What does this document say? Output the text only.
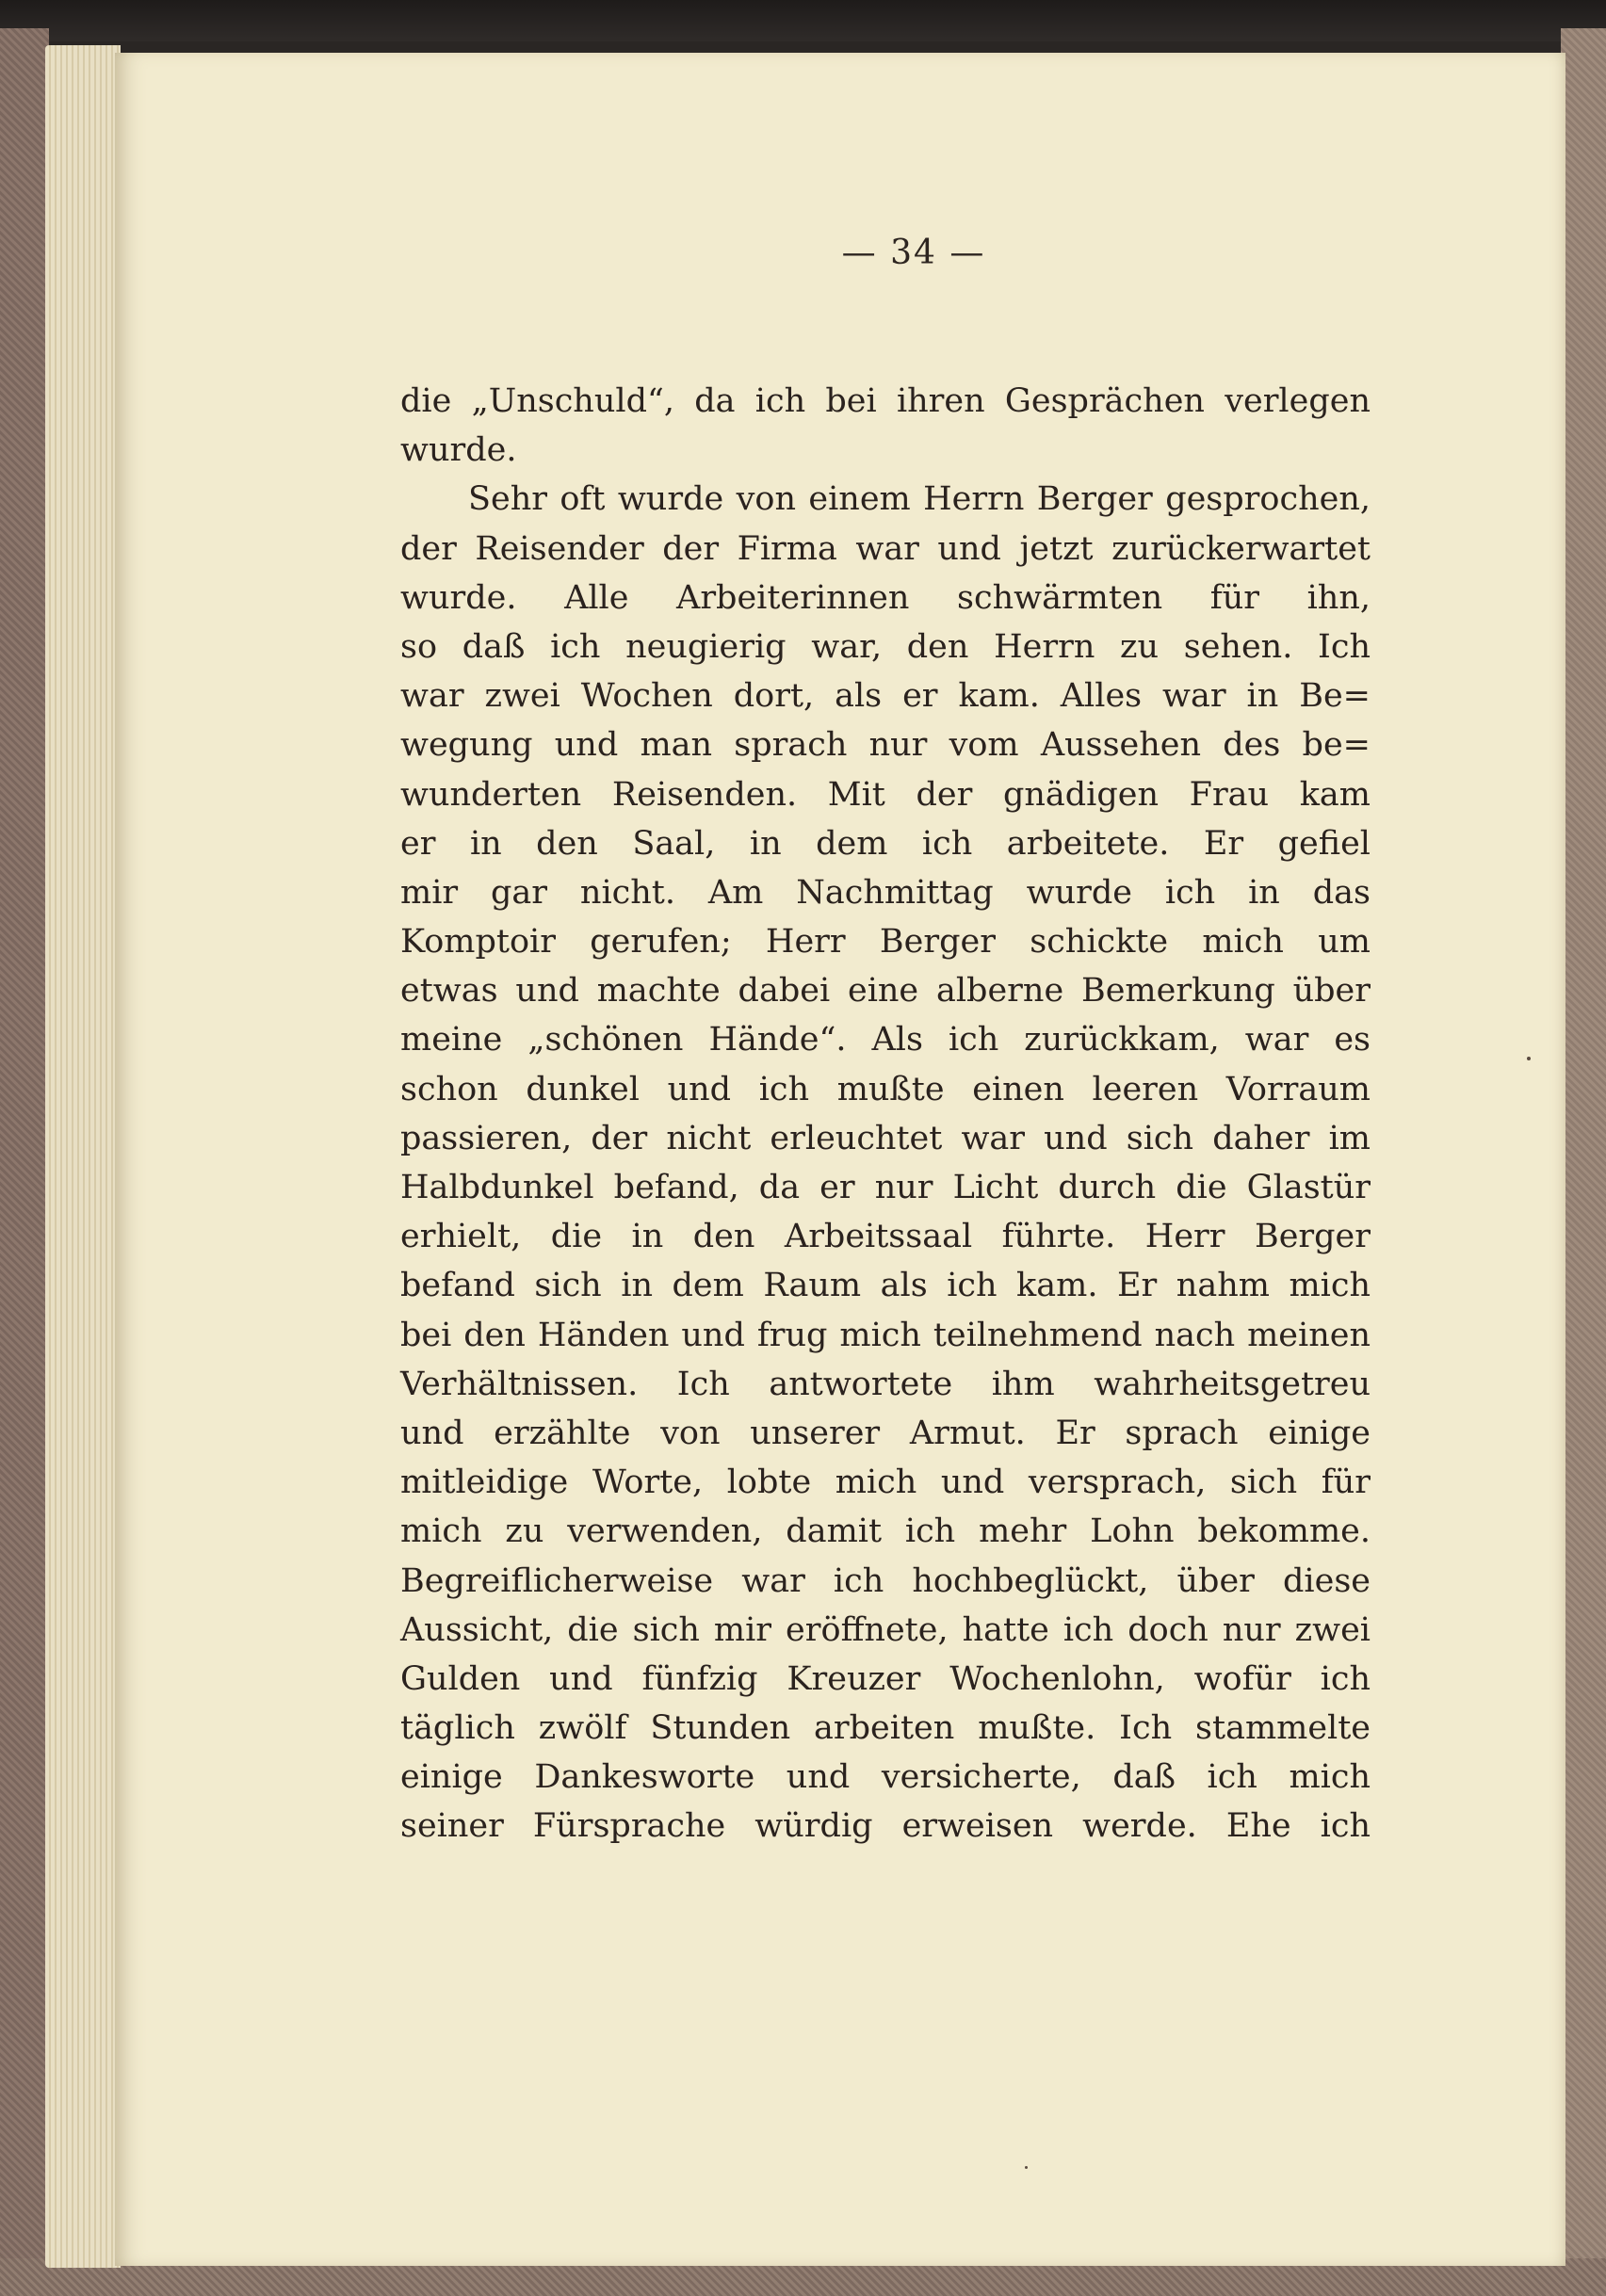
— 34 —

die „Unschuld“, da ich bei ihren Gesprächen verlegen
wurde.
Sehr oft wurde von einem Herrn Berger gesprochen,
der Reisender der Firma war und jetzt zurückerwartet
wurde. Alle Arbeiterinnen schwärmten für ihn,
so daß ich neugierig war, den Herrn zu sehen. Ich
war zwei Wochen dort, als er kam. Alles war in Be=
wegung und man sprach nur vom Aussehen des be=
wunderten Reisenden. Mit der gnädigen Frau kam
er in den Saal, in dem ich arbeitete. Er gefiel
mir gar nicht. Am Nachmittag wurde ich in das
Komptoir gerufen; Herr Berger schickte mich um
etwas und machte dabei eine alberne Bemerkung über
meine „schönen Hände“. Als ich zurückkam, war es
schon dunkel und ich mußte einen leeren Vorraum
passieren, der nicht erleuchtet war und sich daher im
Halbdunkel befand, da er nur Licht durch die Glastür
erhielt, die in den Arbeitssaal führte. Herr Berger
befand sich in dem Raum als ich kam. Er nahm mich
bei den Händen und frug mich teilnehmend nach meinen
Verhältnissen. Ich antwortete ihm wahrheitsgetreu
und erzählte von unserer Armut. Er sprach einige
mitleidige Worte, lobte mich und versprach, sich für
mich zu verwenden, damit ich mehr Lohn bekomme.
Begreiflicherweise war ich hochbeglückt, über diese
Aussicht, die sich mir eröffnete, hatte ich doch nur zwei
Gulden und fünfzig Kreuzer Wochenlohn, wofür ich
täglich zwölf Stunden arbeiten mußte. Ich stammelte
einige Dankesworte und versicherte, daß ich mich
seiner Fürsprache würdig erweisen werde. Ehe ich
